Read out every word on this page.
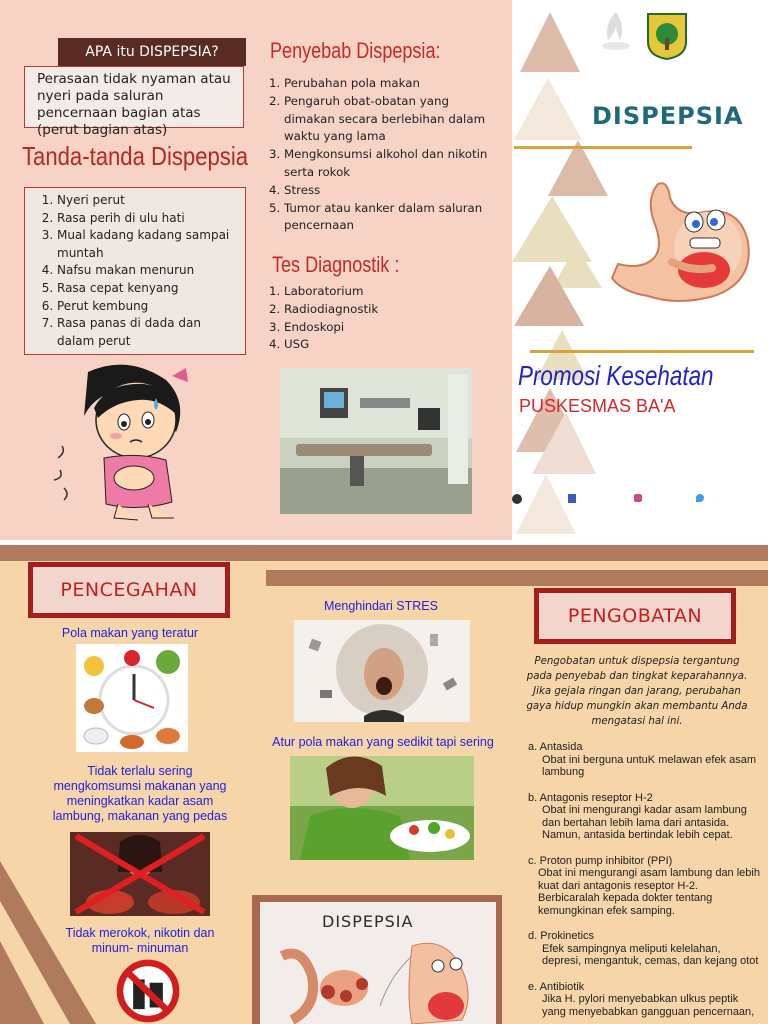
APA itu DISPEPSIA?
Perasaan tidak nyaman atau nyeri pada saluran pencernaan bagian atas (perut bagian atas)
Tanda-tanda Dispepsia
1. Nyeri perut
2. Rasa perih di ulu hati
3. Mual kadang kadang sampai muntah
4. Nafsu makan menurun
5. Rasa cepat kenyang
6. Perut kembung
7. Rasa panas di dada dan dalam perut
Penyebab Dispepsia:
1. Perubahan pola makan
2. Pengaruh obat-obatan yang dimakan secara berlebihan dalam waktu yang lama
3. Mengkonsumsi alkohol dan nikotin serta rokok
4. Stress
5. Tumor atau kanker dalam saluran pencernaan
Tes Diagnostik :
1. Laboratorium
2. Radiodiagnostik
3. Endoskopi
4. USG
DISPEPSIA
Promosi Kesehatan
PUSKESMAS BA'A
PENCEGAHAN
Pola makan yang teratur
Tidak terlalu sering mengkomsumsi makanan yang meningkatkan kadar asam lambung, makanan yang pedas
Tidak merokok, nikotin dan minum- minuman
Menghindari STRES
Atur pola makan yang sedikit tapi sering
DISPEPSIA
PENGOBATAN
Pengobatan untuk dispepsia tergantung pada penyebab dan tingkat keparahannya. Jika gejala ringan dan jarang, perubahan gaya hidup mungkin akan membantu Anda mengatasi hal ini.
a. Antasida
Obat ini berguna untuK melawan efek asam lambung
b. Antagonis reseptor H-2
Obat ini mengurangi kadar asam lambung dan bertahan lebih lama dari antasida. Namun, antasida bertindak lebih cepat.
c. Proton pump inhibitor (PPI)
Obat ini mengurangi asam lambung dan lebih kuat dari antagonis reseptor H-2. Berbicaralah kepada dokter tentang kemungkinan efek samping.
d. Prokinetics
Efek sampingnya meliputi kelelahan, depresi, mengantuk, cemas, dan kejang otot
e. Antibiotik
Jika H. pylori menyebabkan ulkus peptik yang menyebabkan gangguan pencernaan,
